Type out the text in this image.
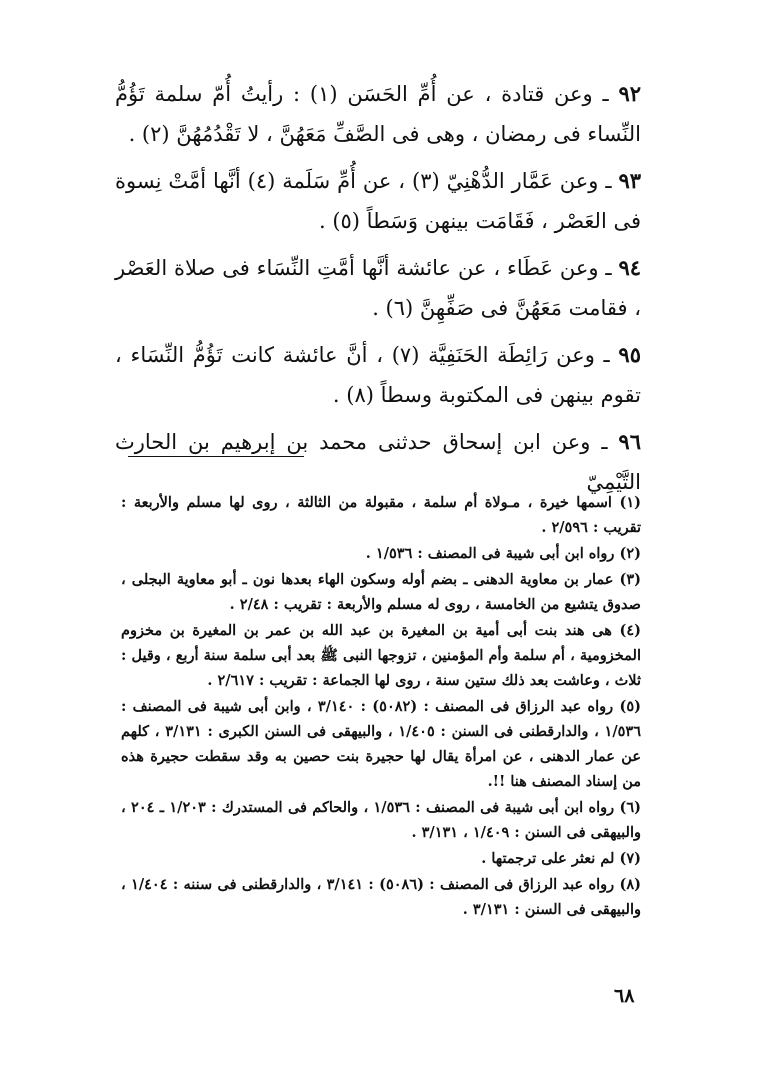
٩٢ ـ وعن قتادة ، عن أُمِّ الحَسَن (١) : رأيتُ أُمّ سلمة تَؤُمُّ النِّساء فى رمضان ، وهى فى الصَّفِّ مَعَهُنَّ ، لا تَقْدُمُهُنَّ (٢) .

٩٣ ـ وعن عَمَّار الدُّهْنِيّ (٣) ، عن أُمِّ سَلَمة (٤) أنَّها أمَّتْ نِسوة فى العَصْر ، فَقَامَت بينهن وَسَطاً (٥) .

٩٤ ـ وعن عَطَاء ، عن عائشة أنَّها أمَّتِ النِّسَاء فى صلاة العَصْر ، فقامت مَعَهُنَّ فى صَفِّهِنَّ (٦) .

٩٥ ـ وعن رَائِطَة الحَنَفِيَّة (٧) ، أنَّ عائشة كانت تَؤُمُّ النِّسَاء ، تقوم بينهن فى المكتوبة وسطاً (٨) .

٩٦ ـ وعن ابن إسحاق حدثنى محمد بن إبرهيم بن الحارث التَّيْمِيّ

(١) اسمها خيرة ، مـولاة أم سلمة ، مقبولة من الثالثة ، روى لها مسلم والأربعة : تقريب : ٢/٥٩٦ .

(٢) رواه ابن أبى شيبة فى المصنف : ١/٥٣٦ .

(٣) عمار بن معاوية الدهنى ـ بضم أوله وسكون الهاء بعدها نون ـ أبو معاوية البجلى ، صدوق يتشيع من الخامسة ، روى له مسلم والأربعة : تقريب : ٢/٤٨ .

(٤) هى هند بنت أبى أمية بن المغيرة بن عبد الله بن عمر بن المغيرة بن مخزوم المخزومية ، أم سلمة وأم المؤمنين ، تزوجها النبى ﷺ بعد أبى سلمة سنة أربع ، وقيل : ثلاث ، وعاشت بعد ذلك ستين سنة ، روى لها الجماعة : تقريب : ٢/٦١٧ .

(٥) رواه عبد الرزاق فى المصنف : (٥٠٨٢) : ٣/١٤٠ ، وابن أبى شيبة فى المصنف : ١/٥٣٦ ، والدارقطنى فى السنن : ١/٤٠٥ ، والبيهقى فى السنن الكبرى : ٣/١٣١ ، كلهم عن عمار الدهنى ، عن امرأة يقال لها حجيرة بنت حصين به وقد سقطت حجيرة هذه من إسناد المصنف هنا !!.

(٦) رواه ابن أبى شيبة فى المصنف : ١/٥٣٦ ، والحاكم فى المستدرك : ١/٢٠٣ ـ ٢٠٤ ، والبيهقى فى السنن : ١/٤٠٩ ، ٣/١٣١ .

(٧) لم نعثر على ترجمتها .

(٨) رواه عبد الرزاق فى المصنف : (٥٠٨٦) : ٣/١٤١ ، والدارقطنى فى سننه : ١/٤٠٤ ، والبيهقى فى السنن : ٣/١٣١ .

٦٨
